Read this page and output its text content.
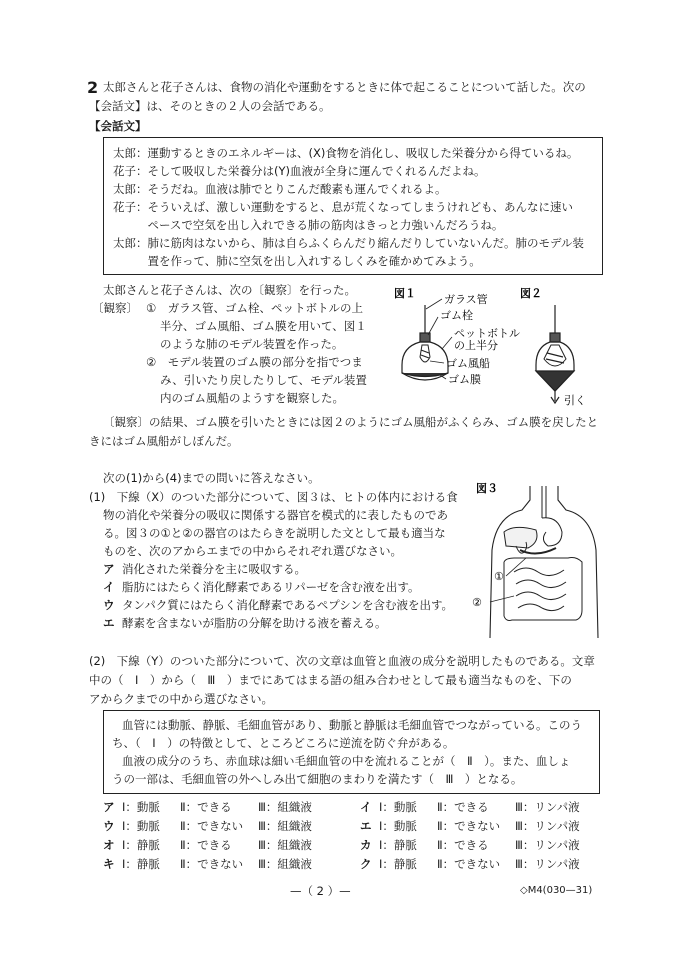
2 太郎さんと花子さんは、食物の消化や運動をするときに体で起こることについて話した。次の
【会話文】は、そのときの２人の会話である。
【会話文】
太郎：運動するときのエネルギーは、(X)食物を消化し、吸収した栄養分から得ているね。
花子：そして吸収した栄養分は(Y)血液が全身に運んでくれるんだよね。
太郎：そうだね。血液は肺でとりこんだ酸素も運んでくれるよ。
花子：そういえば、激しい運動をすると、息が荒くなってしまうけれども、あんなに速い
　　　ペースで空気を出し入れできる肺の筋肉はきっと力強いんだろうね。
太郎：肺に筋肉はないから、肺は自らふくらんだり縮んだりしていないんだ。肺のモデル装
　　　置を作って、肺に空気を出し入れするしくみを確かめてみよう。
太郎さんと花子さんは、次の〔観察〕を行った。
〔観察〕 ①　ガラス管、ゴム栓、ペットボトルの上
半分、ゴム風船、ゴム膜を用いて、図１
のような肺のモデル装置を作った。
②　モデル装置のゴム膜の部分を指でつま
み、引いたり戻したりして、モデル装置
内のゴム風船のようすを観察した。
図１	図２
ガラス管
ゴム栓
ペットボトル
の上半分
ゴム風船
ゴム膜
引く
〔観察〕の結果、ゴム膜を引いたときには図２のようにゴム風船がふくらみ、ゴム膜を戻したと
きにはゴム風船がしぼんだ。
次の(1)から(4)までの問いに答えなさい。
(1)　下線（X）のついた部分について、図３は、ヒトの体内における食
物の消化や栄養分の吸収に関係する器官を模式的に表したものであ
る。図３の①と②の器官のはたらきを説明した文として最も適当な
ものを、次のアからエまでの中からそれぞれ選びなさい。
ア 消化された栄養分を主に吸収する。
イ 脂肪にはたらく消化酵素であるリパーゼを含む液を出す。
ウ タンパク質にはたらく消化酵素であるペプシンを含む液を出す。
エ 酵素を含まないが脂肪の分解を助ける液を蓄える。
図３
①
②
(2)　下線（Y）のついた部分について、次の文章は血管と血液の成分を説明したものである。文章
中の（　Ⅰ　）から（　Ⅲ　）までにあてはまる語の組み合わせとして最も適当なものを、下の
アからクまでの中から選びなさい。
血管には動脈、静脈、毛細血管があり、動脈と静脈は毛細血管でつながっている。このう
ち、（　Ⅰ　）の特徴として、ところどころに逆流を防ぐ弁がある。
血液の成分のうち、赤血球は細い毛細血管の中を流れることが（　Ⅱ　）。また、血しょ
うの一部は、毛細血管の外へしみ出て細胞のまわりを満たす（　Ⅲ　）となる。
ア Ⅰ：動脈 Ⅱ：できる Ⅲ：組織液
ウ Ⅰ：動脈 Ⅱ：できない Ⅲ：組織液
オ Ⅰ：静脈 Ⅱ：できる Ⅲ：組織液
キ Ⅰ：静脈 Ⅱ：できない Ⅲ：組織液
イ Ⅰ：動脈 Ⅱ：できる Ⅲ：リンパ液
エ Ⅰ：動脈 Ⅱ：できない Ⅲ：リンパ液
カ Ⅰ：静脈 Ⅱ：できる Ⅲ：リンパ液
ク Ⅰ：静脈 Ⅱ：できない Ⅲ：リンパ液
—（ 2 ）—	◇M4(030—31)
